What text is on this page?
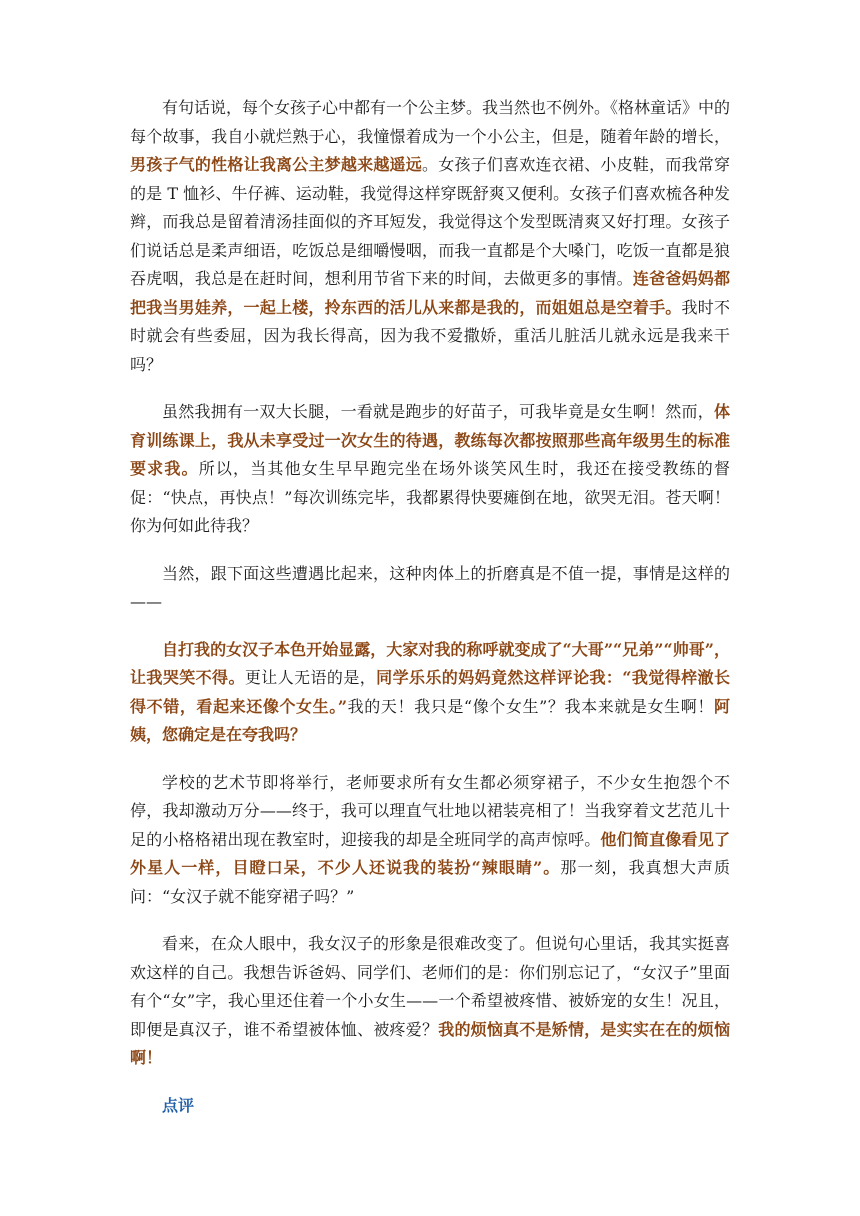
有句话说，每个女孩子心中都有一个公主梦。我当然也不例外。《格林童话》中的每个故事，我自小就烂熟于心，我憧憬着成为一个小公主，但是，随着年龄的增长，男孩子气的性格让我离公主梦越来越遥远。女孩子们喜欢连衣裙、小皮鞋，而我常穿的是 T 恤衫、牛仔裤、运动鞋，我觉得这样穿既舒爽又便利。女孩子们喜欢梳各种发辫，而我总是留着清汤挂面似的齐耳短发，我觉得这个发型既清爽又好打理。女孩子们说话总是柔声细语，吃饭总是细嚼慢咽，而我一直都是个大嗓门，吃饭一直都是狼吞虎咽，我总是在赶时间，想利用节省下来的时间，去做更多的事情。连爸爸妈妈都把我当男娃养，一起上楼，拎东西的活儿从来都是我的，而姐姐总是空着手。我时不时就会有些委屈，因为我长得高，因为我不爱撒娇，重活儿脏活儿就永远是我来干吗？

虽然我拥有一双大长腿，一看就是跑步的好苗子，可我毕竟是女生啊！然而，体育训练课上，我从未享受过一次女生的待遇，教练每次都按照那些高年级男生的标准要求我。所以，当其他女生早早跑完坐在场外谈笑风生时，我还在接受教练的督促：“快点，再快点！”每次训练完毕，我都累得快要瘫倒在地，欲哭无泪。苍天啊！你为何如此待我？

当然，跟下面这些遭遇比起来，这种肉体上的折磨真是不值一提，事情是这样的——

自打我的女汉子本色开始显露，大家对我的称呼就变成了“大哥”“兄弟”“帅哥”，让我哭笑不得。更让人无语的是，同学乐乐的妈妈竟然这样评论我：“我觉得梓澈长得不错，看起来还像个女生。”我的天！我只是“像个女生”？我本来就是女生啊！阿姨，您确定是在夸我吗？

学校的艺术节即将举行，老师要求所有女生都必须穿裙子，不少女生抱怨个不停，我却激动万分——终于，我可以理直气壮地以裙装亮相了！当我穿着文艺范儿十足的小格格裙出现在教室时，迎接我的却是全班同学的高声惊呼。他们简直像看见了外星人一样，目瞪口呆，不少人还说我的装扮“辣眼睛”。那一刻，我真想大声质问：“女汉子就不能穿裙子吗？”

看来，在众人眼中，我女汉子的形象是很难改变了。但说句心里话，我其实挺喜欢这样的自己。我想告诉爸妈、同学们、老师们的是：你们别忘记了，“女汉子”里面有个“女”字，我心里还住着一个小女生——一个希望被疼惜、被娇宠的女生！况且，即便是真汉子，谁不希望被体恤、被疼爱？我的烦恼真不是矫情，是实实在在的烦恼啊！

点评
